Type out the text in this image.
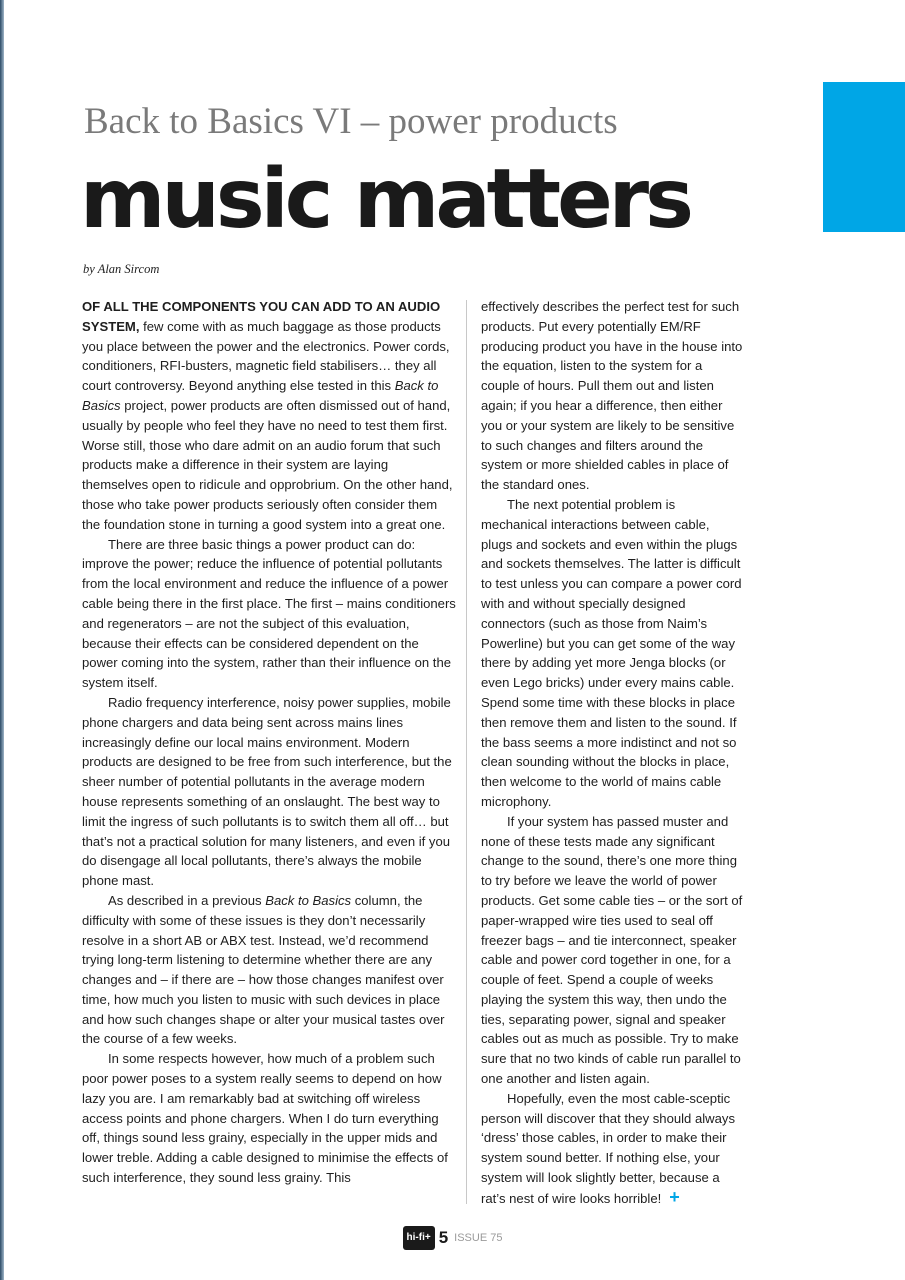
Back to Basics VI – power products
music matters
by Alan Sircom

OF ALL THE COMPONENTS YOU CAN ADD TO AN AUDIO SYSTEM, few come with as much baggage as those products you place between the power and the electronics. Power cords, conditioners, RFI-busters, magnetic field stabilisers… they all court controversy. Beyond anything else tested in this Back to Basics project, power products are often dismissed out of hand, usually by people who feel they have no need to test them first. Worse still, those who dare admit on an audio forum that such products make a difference in their system are laying themselves open to ridicule and opprobrium. On the other hand, those who take power products seriously often consider them the foundation stone in turning a good system into a great one.

There are three basic things a power product can do: improve the power; reduce the influence of potential pollutants from the local environment and reduce the influence of a power cable being there in the first place. The first – mains conditioners and regenerators – are not the subject of this evaluation, because their effects can be considered dependent on the power coming into the system, rather than their influence on the system itself.

Radio frequency interference, noisy power supplies, mobile phone chargers and data being sent across mains lines increasingly define our local mains environment. Modern products are designed to be free from such interference, but the sheer number of potential pollutants in the average modern house represents something of an onslaught. The best way to limit the ingress of such pollutants is to switch them all off… but that’s not a practical solution for many listeners, and even if you do disengage all local pollutants, there’s always the mobile phone mast.

As described in a previous Back to Basics column, the difficulty with some of these issues is they don’t necessarily resolve in a short AB or ABX test. Instead, we’d recommend trying long-term listening to determine whether there are any changes and – if there are – how those changes manifest over time, how much you listen to music with such devices in place and how such changes shape or alter your musical tastes over the course of a few weeks.

In some respects however, how much of a problem such poor power poses to a system really seems to depend on how lazy you are. I am remarkably bad at switching off wireless access points and phone chargers. When I do turn everything off, things sound less grainy, especially in the upper mids and lower treble. Adding a cable designed to minimise the effects of such interference, they sound less grainy. This

effectively describes the perfect test for such products. Put every potentially EM/RF producing product you have in the house into the equation, listen to the system for a couple of hours. Pull them out and listen again; if you hear a difference, then either you or your system are likely to be sensitive to such changes and filters around the system or more shielded cables in place of the standard ones.

The next potential problem is mechanical interactions between cable, plugs and sockets and even within the plugs and sockets themselves. The latter is difficult to test unless you can compare a power cord with and without specially designed connectors (such as those from Naim’s Powerline) but you can get some of the way there by adding yet more Jenga blocks (or even Lego bricks) under every mains cable. Spend some time with these blocks in place then remove them and listen to the sound. If the bass seems a more indistinct and not so clean sounding without the blocks in place, then welcome to the world of mains cable microphony.

If your system has passed muster and none of these tests made any significant change to the sound, there’s one more thing to try before we leave the world of power products. Get some cable ties – or the sort of paper-wrapped wire ties used to seal off freezer bags – and tie interconnect, speaker cable and power cord together in one, for a couple of feet. Spend a couple of weeks playing the system this way, then undo the ties, separating power, signal and speaker cables out as much as possible. Try to make sure that no two kinds of cable run parallel to one another and listen again.

Hopefully, even the most cable-sceptic person will discover that they should always ‘dress’ those cables, in order to make their system sound better. If nothing else, your system will look slightly better, because a rat’s nest of wire looks horrible! +

hi-fi+ 5 ISSUE 75
